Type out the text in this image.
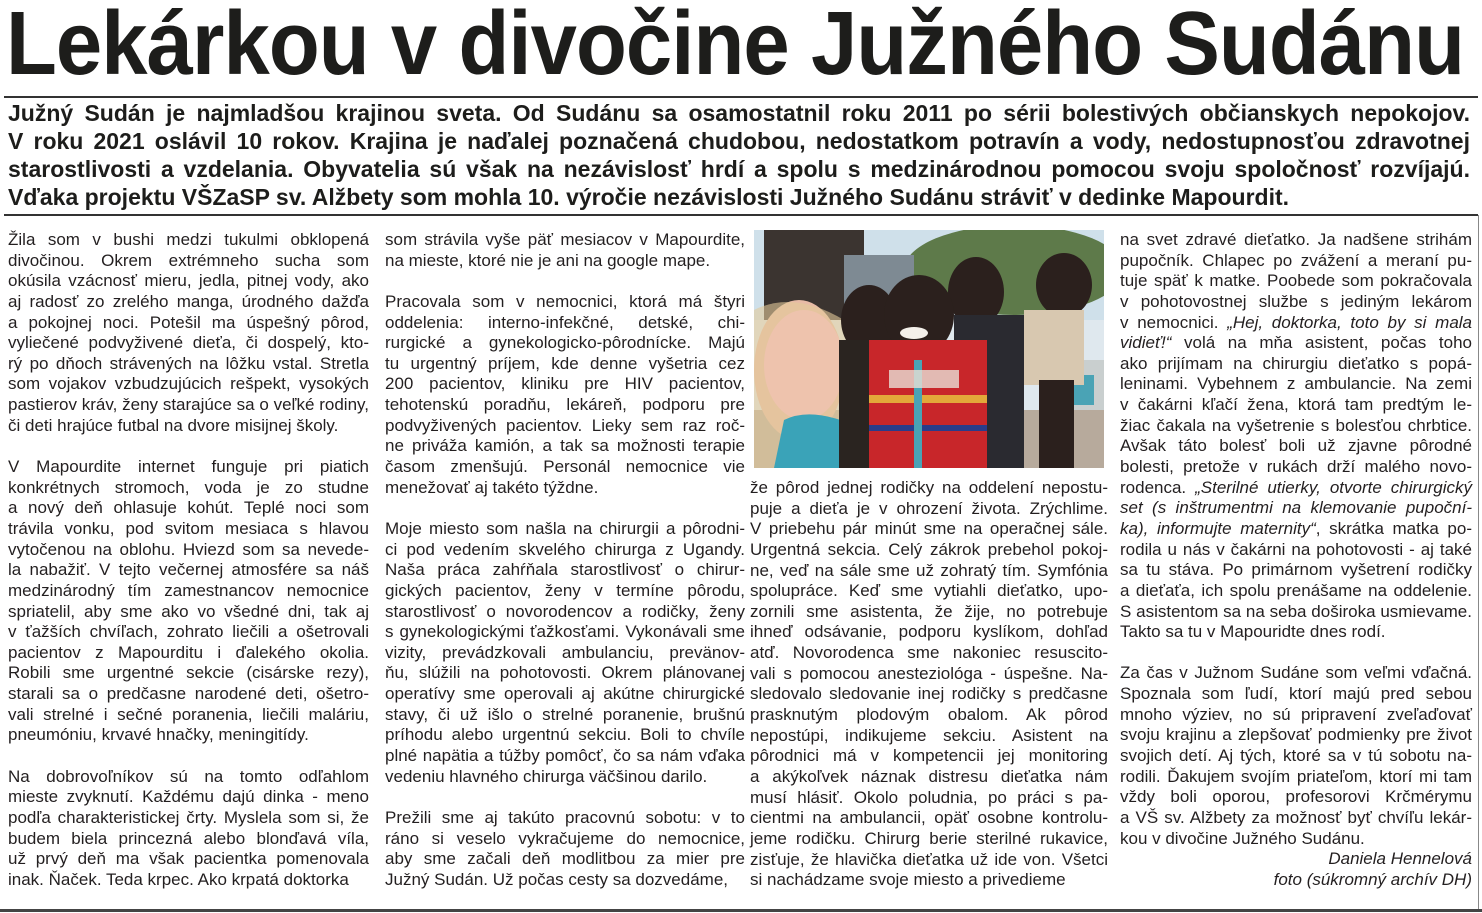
Lekárkou v divočine Južného Sudánu
Južný Sudán je najmladšou krajinou sveta. Od Sudánu sa osamostatnil roku 2011 po sérii bolestivých občianskych nepokojov.
V roku 2021 oslávil 10 rokov. Krajina je naďalej poznačená chudobou, nedostatkom potravín a vody, nedostupnosťou zdravotnej
starostlivosti a vzdelania. Obyvatelia sú však na nezávislosť hrdí a spolu s medzinárodnou pomocou svoju spoločnosť rozvíjajú.
Vďaka projektu VŠZaSP sv. Alžbety som mohla 10. výročie nezávislosti Južného Sudánu stráviť v dedinke Mapourdit.
Žila som v bushi medzi tukulmi obklopená
divočinou. Okrem extrémneho sucha som
okúsila vzácnosť mieru, jedla, pitnej vody, ako
aj radosť zo zrelého manga, úrodného dažďa
a pokojnej noci. Potešil ma úspešný pôrod,
vyliečené podvyživené dieťa, či dospelý, kto-
rý po dňoch strávených na lôžku vstal. Stretla
som vojakov vzbudzujúcich rešpekt, vysokých
pastierov kráv, ženy starajúce sa o veľké rodiny,
či deti hrajúce futbal na dvore misijnej školy.
V Mapourdite internet funguje pri piatich
konkrétnych stromoch, voda je zo studne
a nový deň ohlasuje kohút. Teplé noci som
trávila vonku, pod svitom mesiaca s hlavou
vytočenou na oblohu. Hviezd som sa nevede-
la nabažiť. V tejto večernej atmosfére sa náš
medzinárodný tím zamestnancov nemocnice
spriatelil, aby sme ako vo všedné dni, tak aj
v ťažších chvíľach, zohrato liečili a ošetrovali
pacientov z Mapourditu i ďalekého okolia.
Robili sme urgentné sekcie (cisárske rezy),
starali sa o predčasne narodené deti, ošetro-
vali strelné i sečné poranenia, liečili maláriu,
pneumóniu, krvavé hnačky, meningitídy.
Na dobrovoľníkov sú na tomto odľahlom
mieste zvyknutí. Každému dajú dinka - meno
podľa charakteristickej črty. Myslela som si, že
budem biela princezná alebo blonďavá víla,
už prvý deň ma však pacientka pomenovala
inak. Ňaček. Teda krpec. Ako krpatá doktorka
som strávila vyše päť mesiacov v Mapourdite,
na mieste, ktoré nie je ani na google mape.
Pracovala som v nemocnici, ktorá má štyri
oddelenia: interno-infekčné, detské, chi-
rurgické a gynekologicko-pôrodnícke. Majú
tu urgentný príjem, kde denne vyšetria cez
200 pacientov, kliniku pre HIV pacientov,
tehotenskú poradňu, lekáreň, podporu pre
podvyživených pacientov. Lieky sem raz roč-
ne priváža kamión, a tak sa možnosti terapie
časom zmenšujú. Personál nemocnice vie
menežovať aj takéto týždne.
Moje miesto som našla na chirurgii a pôrodni-
ci pod vedením skvelého chirurga z Ugandy.
Naša práca zahŕňala starostlivosť o chirur-
gických pacientov, ženy v termíne pôrodu,
starostlivosť o novorodencov a rodičky, ženy
s gynekologickými ťažkosťami. Vykonávali sme
vizity, prevádzkovali ambulanciu, prevänov-
ňu, slúžili na pohotovosti. Okrem plánovanej
operatívy sme operovali aj akútne chirurgické
stavy, či už išlo o strelné poranenie, brušnú
príhodu alebo urgentnú sekciu. Boli to chvíle
plné napätia a túžby pomôcť, čo sa nám vďaka
vedeniu hlavného chirurga väčšinou darilo.
Prežili sme aj takúto pracovnú sobotu: v to
ráno si veselo vykračujeme do nemocnice,
aby sme začali deň modlitbou za mier pre
Južný Sudán. Už počas cesty sa dozvedáme,
že pôrod jednej rodičky na oddelení nepostu-
puje a dieťa je v ohrození života. Zrýchlime.
V priebehu pár minút sme na operačnej sále.
Urgentná sekcia. Celý zákrok prebehol pokoj-
ne, veď na sále sme už zohratý tím. Symfónia
spolupráce. Keď sme vytiahli dieťatko, upo-
zornili sme asistenta, že žije, no potrebuje
ihneď odsávanie, podporu kyslíkom, dohľad
atď. Novorodenca sme nakoniec resuscito-
vali s pomocou anesteziológa - úspešne. Na-
sledovalo sledovanie inej rodičky s predčasne
prasknutým plodovým obalom. Ak pôrod
nepostúpi, indikujeme sekciu. Asistent na
pôrodnici má v kompetencii jej monitoring
a akýkoľvek náznak distresu dieťatka nám
musí hlásiť. Okolo poludnia, po práci s pa-
cientmi na ambulancii, opäť osobne kontrolu-
jeme rodičku. Chirurg berie sterilné rukavice,
zisťuje, že hlavička dieťatka už ide von. Všetci
si nachádzame svoje miesto a privedieme
na svet zdravé dieťatko. Ja nadšene strihám
pupočník. Chlapec po zvážení a meraní pu-
tuje späť k matke. Poobede som pokračovala
v pohotovostnej službe s jediným lekárom
v nemocnici. „Hej, doktorka, toto by si mala
vidieť!“ volá na mňa asistent, počas toho
ako prijímam na chirurgiu dieťatko s popá-
leninami. Vybehnem z ambulancie. Na zemi
v čakárni kľačí žena, ktorá tam predtým le-
žiac čakala na vyšetrenie s bolesťou chrbtice.
Avšak táto bolesť boli už zjavne pôrodné
bolesti, pretože v rukách drží malého novo-
rodenca. „Sterilné utierky, otvorte chirurgický
set (s inštrumentmi na klemovanie pupoční-
ka), informujte maternity“, skrátka matka po-
rodila u nás v čakárni na pohotovosti - aj také
sa tu stáva. Po primárnom vyšetrení rodičky
a dieťaťa, ich spolu prenášame na oddelenie.
S asistentom sa na seba doširoka usmievame.
Takto sa tu v Mapouridte dnes rodí.
Za čas v Južnom Sudáne som veľmi vďačná.
Spoznala som ľudí, ktorí majú pred sebou
mnoho výziev, no sú pripravení zveľaďovať
svoju krajinu a zlepšovať podmienky pre život
svojich detí. Aj tých, ktoré sa v tú sobotu na-
rodili. Ďakujem svojím priateľom, ktorí mi tam
vždy boli oporou, profesorovi Krčmérymu
a VŠ sv. Alžbety za možnosť byť chvíľu lekár-
kou v divočine Južného Sudánu.
Daniela Hennelová
foto (súkromný archív DH)
